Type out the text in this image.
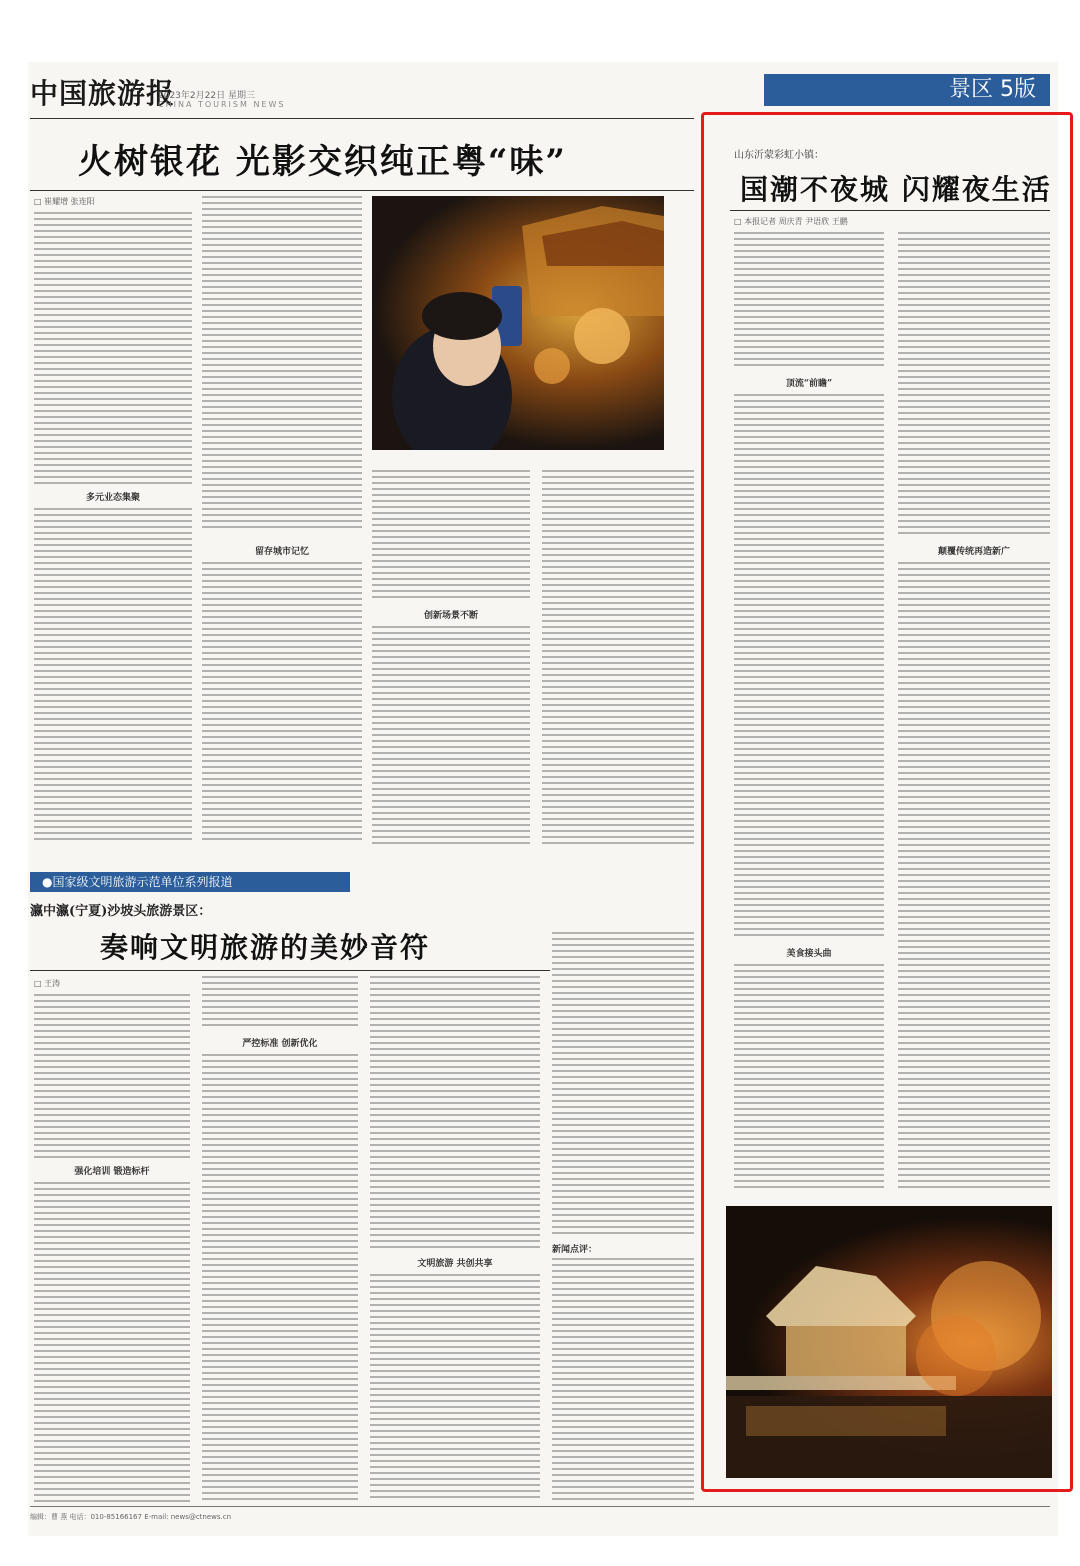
中国旅游报
2023年2月22日 星期三
CHINA TOURISM NEWS
景区 5版
火树银花 光影交织纯正粤“味”
□ 崔耀增 张连阳
多元业态集聚
留存城市记忆
创新场景不断
●国家级文明旅游示范单位系列报道
瀛中瀛(宁夏)沙坡头旅游景区：
奏响文明旅游的美妙音符
□ 王涛
强化培训 锻造标杆
严控标准 创新优化
文明旅游 共创共享
新闻点评：
山东沂蒙彩虹小镇：
国潮不夜城 闪耀夜生活
□ 本报记者 周庆青 尹语欣 王鹏
顶流“前瞻”
美食接头曲
颠覆传统再造新广
编辑：曹 燕 电话：010-85166167 E-mail: news@ctnews.cn
